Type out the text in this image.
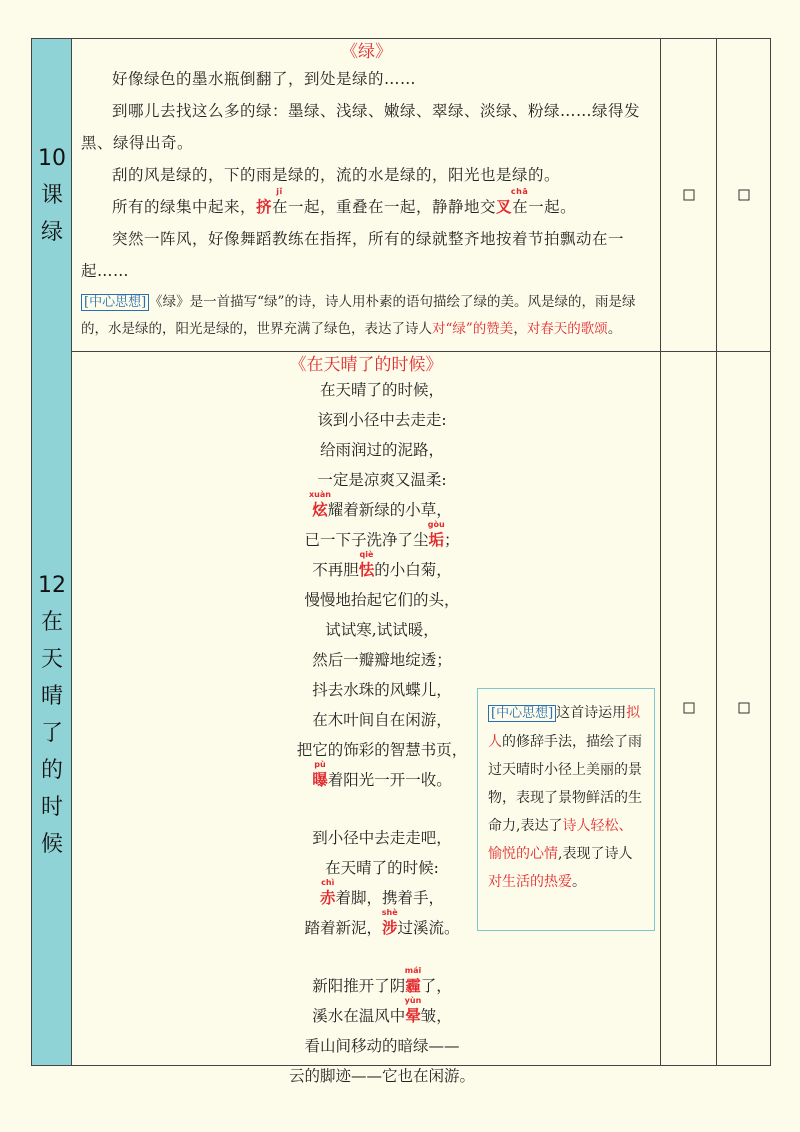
10
课
绿
《绿》
好像绿色的墨水瓶倒翻了，到处是绿的……
到哪儿去找这么多的绿：墨绿、浅绿、嫩绿、翠绿、淡绿、粉绿……绿得发黑、绿得出奇。
刮的风是绿的，下的雨是绿的，流的水是绿的，阳光也是绿的。
所有的绿集中起来，
jǐ
挤在一起，重叠在一起，静静地交
chā
叉在一起。
突然一阵风，好像舞蹈教练在指挥，所有的绿就整齐地按着节拍飘动在一起……
[中心思想] 《绿》是一首描写“绿”的诗，诗人用朴素的语句描绘了绿的美。风是绿的，雨是绿的，水是绿的，阳光是绿的，世界充满了绿色，表达了诗人对“绿”的赞美，对春天的歌颂。
12
在
天
晴
了
的
时
候
《在天晴了的时候》
在天晴了的时候，
该到小径中去走走:
给雨润过的泥路，
一定是凉爽又温柔:
xuàn
炫耀着新绿的小草，
已一下子洗净了尘
gòu
垢；
不再胆
qiè
怯的小白菊，
慢慢地抬起它们的头，
试试寒,试试暖，
然后一瓣瓣地绽透；
抖去水珠的风蝶儿，
在木叶间自在闲游，
把它的饰彩的智慧书页，
pù
曝着阳光一开一收。
到小径中去走走吧，
在天晴了的时候:
chì
赤着脚，携着手，
踏着新泥，
shè
涉过溪流。
新阳推开了阴
mái
霾了，
溪水在温风中
yùn
晕皱，
看山间移动的暗绿——
云的脚迹——它也在闲游。
[中心思想] 这首诗运用拟人的修辞手法，描绘了雨过天晴时小径上美丽的景物，表现了景物鲜活的生命力,表达了诗人轻松、愉悦的心情,表现了诗人对生活的热爱。
